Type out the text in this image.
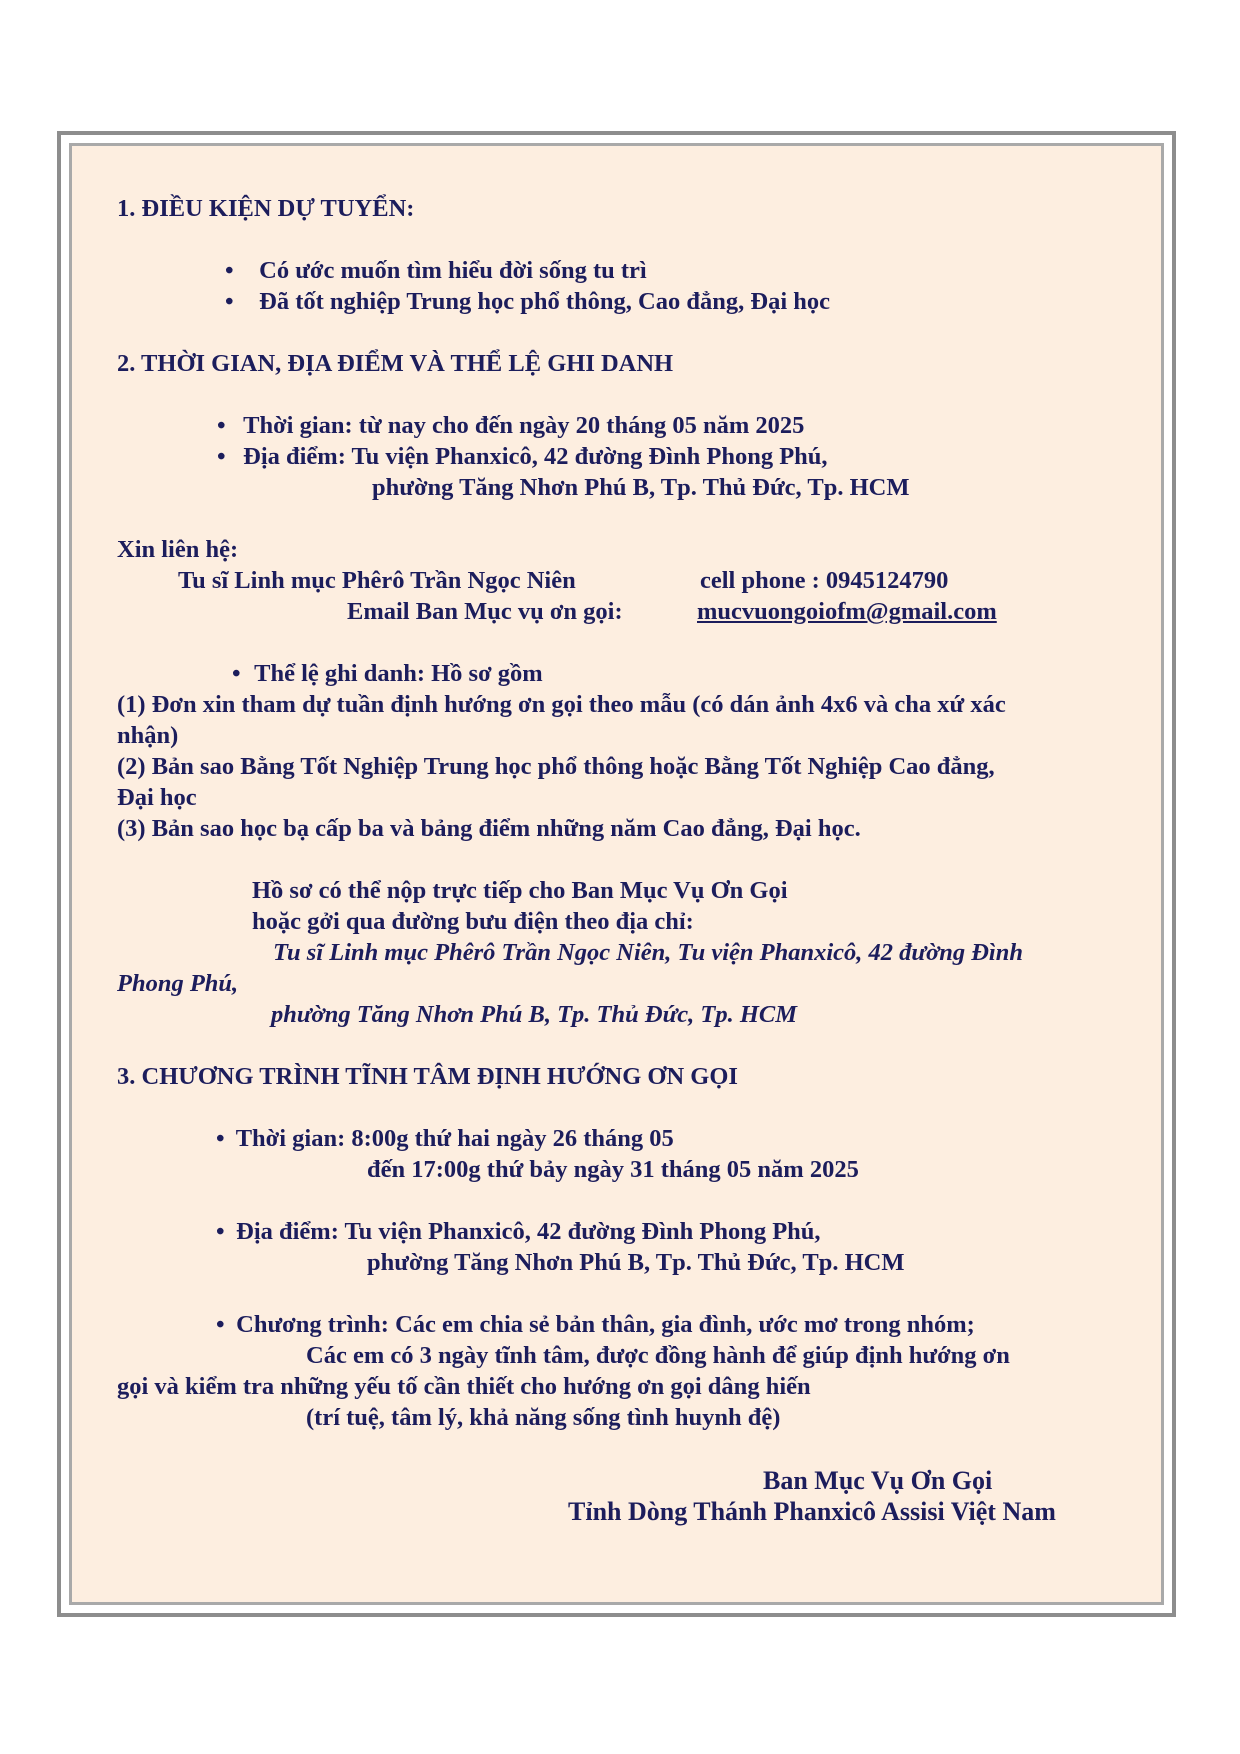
1. ĐIỀU KIỆN DỰ TUYỂN:
• Có ước muốn tìm hiểu đời sống tu trì
• Đã tốt nghiệp Trung học phổ thông, Cao đẳng, Đại học
2. THỜI GIAN, ĐỊA ĐIỂM VÀ THỂ LỆ GHI DANH
• Thời gian: từ nay cho đến ngày 20 tháng 05 năm 2025
• Địa điểm: Tu viện Phanxicô, 42 đường Đình Phong Phú,
phường Tăng Nhơn Phú B, Tp. Thủ Đức, Tp. HCM
Xin liên hệ:
Tu sĩ Linh mục Phêrô Trần Ngọc Niên	cell phone : 0945124790
Email Ban Mục vụ ơn gọi:	mucvuongoiofm@gmail.com
• Thể lệ ghi danh: Hồ sơ gồm
(1) Đơn xin tham dự tuần định hướng ơn gọi theo mẫu (có dán ảnh 4x6 và cha xứ xác
nhận)
(2) Bản sao Bằng Tốt Nghiệp Trung học phổ thông hoặc Bằng Tốt Nghiệp Cao đẳng,
Đại học
(3) Bản sao học bạ cấp ba và bảng điểm những năm Cao đẳng, Đại học.
Hồ sơ có thể nộp trực tiếp cho Ban Mục Vụ Ơn Gọi
hoặc gởi qua đường bưu điện theo địa chỉ:
Tu sĩ Linh mục Phêrô Trần Ngọc Niên, Tu viện Phanxicô, 42 đường Đình
Phong Phú,
phường Tăng Nhơn Phú B, Tp. Thủ Đức, Tp. HCM
3. CHƯƠNG TRÌNH TĨNH TÂM ĐỊNH HƯỚNG ƠN GỌI
• Thời gian: 8:00g thứ hai ngày 26 tháng 05
đến 17:00g thứ bảy ngày 31 tháng 05 năm 2025
• Địa điểm: Tu viện Phanxicô, 42 đường Đình Phong Phú,
phường Tăng Nhơn Phú B, Tp. Thủ Đức, Tp. HCM
• Chương trình: Các em chia sẻ bản thân, gia đình, ước mơ trong nhóm;
Các em có 3 ngày tĩnh tâm, được đồng hành để giúp định hướng ơn
gọi và kiểm tra những yếu tố cần thiết cho hướng ơn gọi dâng hiến
(trí tuệ, tâm lý, khả năng sống tình huynh đệ)
Ban Mục Vụ Ơn Gọi
Tỉnh Dòng Thánh Phanxicô Assisi Việt Nam
